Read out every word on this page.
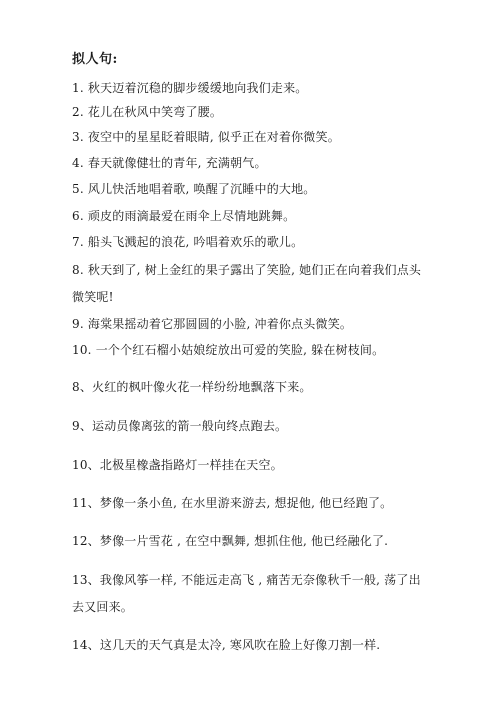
拟人句:
1. 秋天迈着沉稳的脚步缓缓地向我们走来。
2. 花儿在秋风中笑弯了腰。
3. 夜空中的星星眨着眼睛, 似乎正在对着你微笑。
4. 春天就像健壮的青年, 充满朝气。
5. 风儿快活地唱着歌, 唤醒了沉睡中的大地。
6. 顽皮的雨滴最爱在雨伞上尽情地跳舞。
7. 船头飞溅起的浪花, 吟唱着欢乐的歌儿。
8. 秋天到了, 树上金红的果子露出了笑脸, 她们正在向着我们点头
微笑呢!
9. 海棠果摇动着它那圆圆的小脸, 冲着你点头微笑。
10. 一个个红石榴小姑娘绽放出可爱的笑脸, 躲在树枝间。
8、火红的枫叶像火花一样纷纷地飘落下来。
9、运动员像离弦的箭一般向终点跑去。
10、北极星橡盏指路灯一样挂在天空。
11、梦像一条小鱼, 在水里游来游去, 想捉他, 他已经跑了。
12、梦像一片雪花 , 在空中飘舞, 想抓住他, 他已经融化了.
13、我像风筝一样, 不能远走高飞 , 痛苦无奈像秋千一般, 荡了出
去又回来。
14、这几天的天气真是太冷, 寒风吹在脸上好像刀割一样.
